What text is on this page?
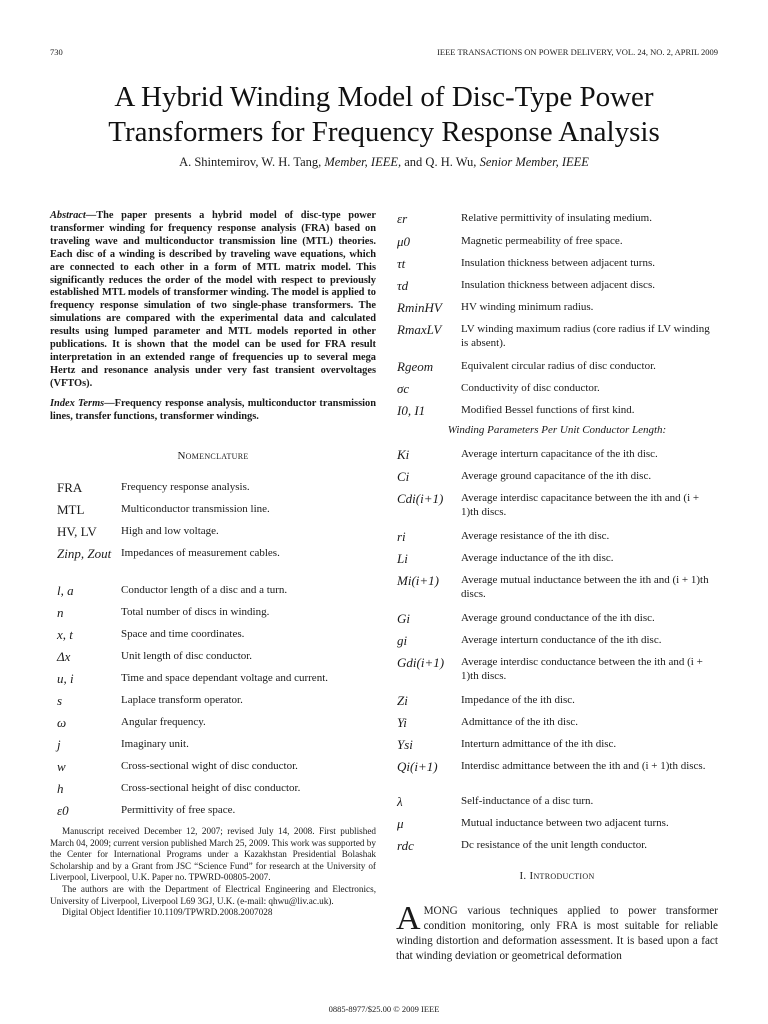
730	IEEE TRANSACTIONS ON POWER DELIVERY, VOL. 24, NO. 2, APRIL 2009
A Hybrid Winding Model of Disc-Type Power
Transformers for Frequency Response Analysis
A. Shintemirov, W. H. Tang, Member, IEEE, and Q. H. Wu, Senior Member, IEEE
Abstract—The paper presents a hybrid model of disc-type power transformer winding for frequency response analysis (FRA) based on traveling wave and multiconductor transmission line (MTL) theories. Each disc of a winding is described by traveling wave equations, which are connected to each other in a form of MTL matrix model. This significantly reduces the order of the model with respect to previously established MTL models of transformer winding. The model is applied to frequency response simulation of two single-phase transformers. The simulations are compared with the experimental data and calculated results using lumped parameter and MTL models reported in other publications. It is shown that the model can be used for FRA result interpretation in an extended range of frequencies up to several mega Hertz and resonance analysis under very fast transient overvoltages (VFTOs).
Index Terms—Frequency response analysis, multiconductor transmission lines, transfer functions, transformer windings.
Nomenclature
FRA	Frequency response analysis.
MTL	Multiconductor transmission line.
HV, LV High and low voltage.
Zinp, Zout Impedances of measurement cables.
l, a	Conductor length of a disc and a turn.
n	Total number of discs in winding.
x, t	Space and time coordinates.
Δx	Unit length of disc conductor.
u, i	Time and space dependant voltage and current.
s	Laplace transform operator.
ω	Angular frequency.
j	Imaginary unit.
w	Cross-sectional wight of disc conductor.
h	Cross-sectional height of disc conductor.
ε0	Permittivity of free space.
εr	Relative permittivity of insulating medium.
μ0	Magnetic permeability of free space.
τt	Insulation thickness between adjacent turns.
τd	Insulation thickness between adjacent discs.
RminHV HV winding minimum radius.
RmaxLV LV winding maximum radius (core radius if LV winding is absent).
Rgeom	Equivalent circular radius of disc conductor.
σc	Conductivity of disc conductor.
I0, I1	Modified Bessel functions of first kind.
Ki	Average interturn capacitance of the ith disc.
Ci	Average ground capacitance of the ith disc.
Cdi(i+1) Average interdisc capacitance between the ith and (i + 1)th discs.
ri	Average resistance of the ith disc.
Li	Average inductance of the ith disc.
Mi(i+1) Average mutual inductance between the ith and (i + 1)th discs.
Gi	Average ground conductance of the ith disc.
gi	Average interturn conductance of the ith disc.
Gdi(i+1) Average interdisc conductance between the ith and (i + 1)th discs.
Zi	Impedance of the ith disc.
Yi	Admittance of the ith disc.
Ysi	Interturn admittance of the ith disc.
Qi(i+1) Interdisc admittance between the ith and (i + 1)th discs.
λ	Self-inductance of a disc turn.
μ	Mutual inductance between two adjacent turns.
rdc	Dc resistance of the unit length conductor.
Winding Parameters Per Unit Conductor Length:

Manuscript received December 12, 2007; revised July 14, 2008. First published March 04, 2009; current version published March 25, 2009. This work was supported by the Center for International Programs under a Kazakhstan Presidential Bolashak Scholarship and by a Grant from JSC “Science Fund” for research at the University of Liverpool, Liverpool, U.K. Paper no. TPWRD-00805-2007.

The authors are with the Department of Electrical Engineering and Electronics, University of Liverpool, Liverpool L69 3GJ, U.K. (e-mail: qhwu@liv.ac.uk).

Digital Object Identifier 10.1109/TPWRD.2008.2007028

I. Introduction
AMONG various techniques applied to power transformer condition monitoring, only FRA is most suitable for reliable winding distortion and deformation assessment. It is based upon a fact that winding deviation or geometrical deformation
0885-8977/$25.00 © 2009 IEEE
